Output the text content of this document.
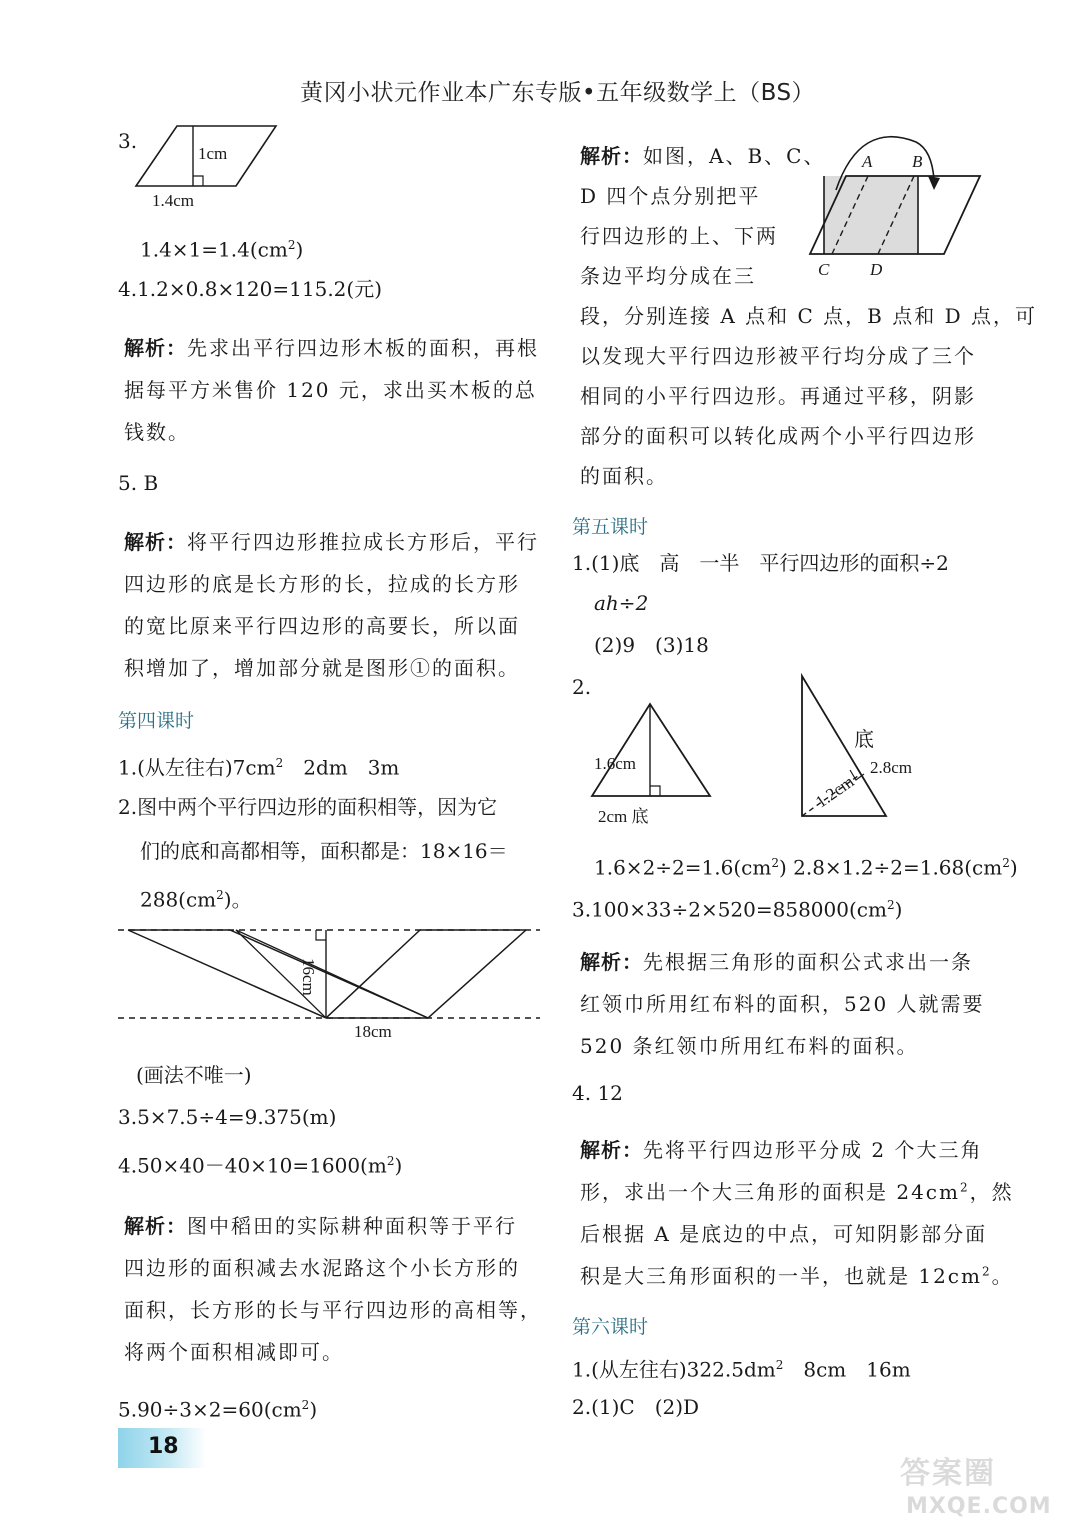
黄冈小状元作业本广东专版•五年级数学上（BS）
3.
1cm
1.4cm
$1.4\times 1=1.4(cm^2)$
4.1.2×0.8×120=115.2(元)
解析：先求出平行四边形木板的面积，再根
据每平方米售价 120 元，求出买木板的总
钱数。
5. B
解析：将平行四边形推拉成长方形后，平行
四边形的底是长方形的长，拉成的长方形
的宽比原来平行四边形的高要长，所以面
积增加了，增加部分就是图形①的面积。
第四课时
1.(从左往右)$7cm^2$　 2dm　3m
2.图中两个平行四边形的面积相等，因为它
们的底和高都相等，面积都是：18×16＝
$288(cm^2)$。
16cm
18cm
(画法不唯一)
3.5×7.5÷4=9.375(m)
$4.50\times 40-40\times 10=1600(m^2)$
解析：图中稻田的实际耕种面积等于平行
四边形的面积减去水泥路这个小长方形的
面积，长方形的长与平行四边形的高相等，
将两个面积相减即可。
$5.90\div 3\times 2=60(cm^2)$
18
解析：如图，A、B、C、
D 四个点分别把平
行四边形的上、下两
条边平均分成在三
A B
C D
段，分别连接 A 点和 C 点，B 点和 D 点，可
以发现大平行四边形被平行均分成了三个
相同的小平行四边形。再通过平移，阴影
部分的面积可以转化成两个小平行四边形
的面积。
第五课时
1.(1)底　高　一半　平行四边形的面积÷2
ah÷2
(2)9　(3)18
2.
1.6cm
2cm 底
底
2.8cm
1.2cm
$1.6\times 2\div 2=1.6(cm^2)$ $2.8\times 1.2\div 2=1.68(cm^2)$
$3.100\times 33\div 2\times 520=858000(cm^2)$
解析：先根据三角形的面积公式求出一条
红领巾所用红布料的面积，520 人就需要
520 条红领巾所用红布料的面积。
4. 12
解析：先将平行四边形平分成 2 个大三角
形，求出一个大三角形的面积是 $24cm^2$，然
后根据 A 是底边的中点，可知阴影部分面
积是大三角形面积的一半，也就是 $12cm^2$。
第六课时
1.(从左往右)$322.5dm^2$　 8cm　16m
2.(1)C　(2)D
答案圈
MXQE.COM
